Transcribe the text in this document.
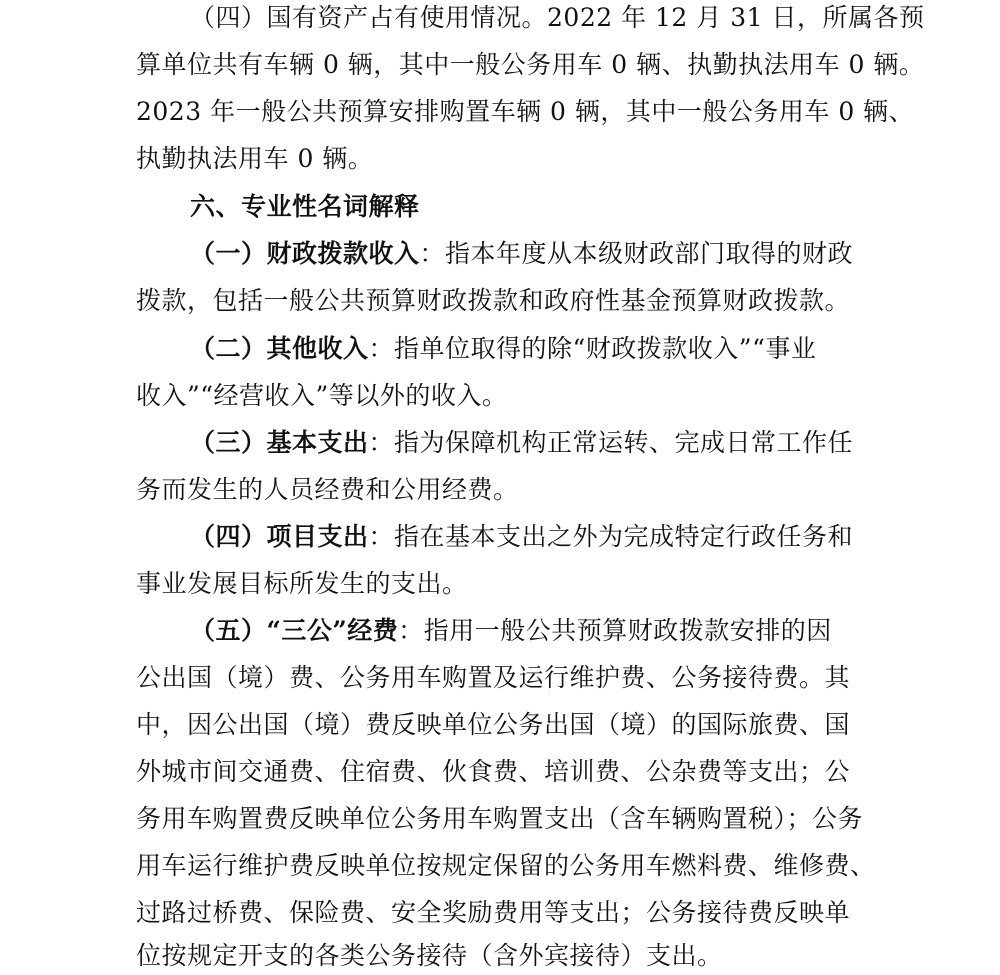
（四）国有资产占有使用情况。2022 年 12 月 31 日，所属各预
算单位共有车辆 0 辆，其中一般公务用车 0 辆、执勤执法用车 0 辆。
2023 年一般公共预算安排购置车辆 0 辆，其中一般公务用车 0 辆、
执勤执法用车 0 辆。
六、专业性名词解释
（一）财政拨款收入：指本年度从本级财政部门取得的财政
拨款，包括一般公共预算财政拨款和政府性基金预算财政拨款。
（二）其他收入：指单位取得的除“财政拨款收入”“事业
收入”“经营收入”等以外的收入。
（三）基本支出：指为保障机构正常运转、完成日常工作任
务而发生的人员经费和公用经费。
（四）项目支出：指在基本支出之外为完成特定行政任务和
事业发展目标所发生的支出。
（五）“三公”经费：指用一般公共预算财政拨款安排的因
公出国（境）费、公务用车购置及运行维护费、公务接待费。其
中，因公出国（境）费反映单位公务出国（境）的国际旅费、国
外城市间交通费、住宿费、伙食费、培训费、公杂费等支出；公
务用车购置费反映单位公务用车购置支出（含车辆购置税）；公务
用车运行维护费反映单位按规定保留的公务用车燃料费、维修费、
过路过桥费、保险费、安全奖励费用等支出；公务接待费反映单
位按规定开支的各类公务接待（含外宾接待）支出。
